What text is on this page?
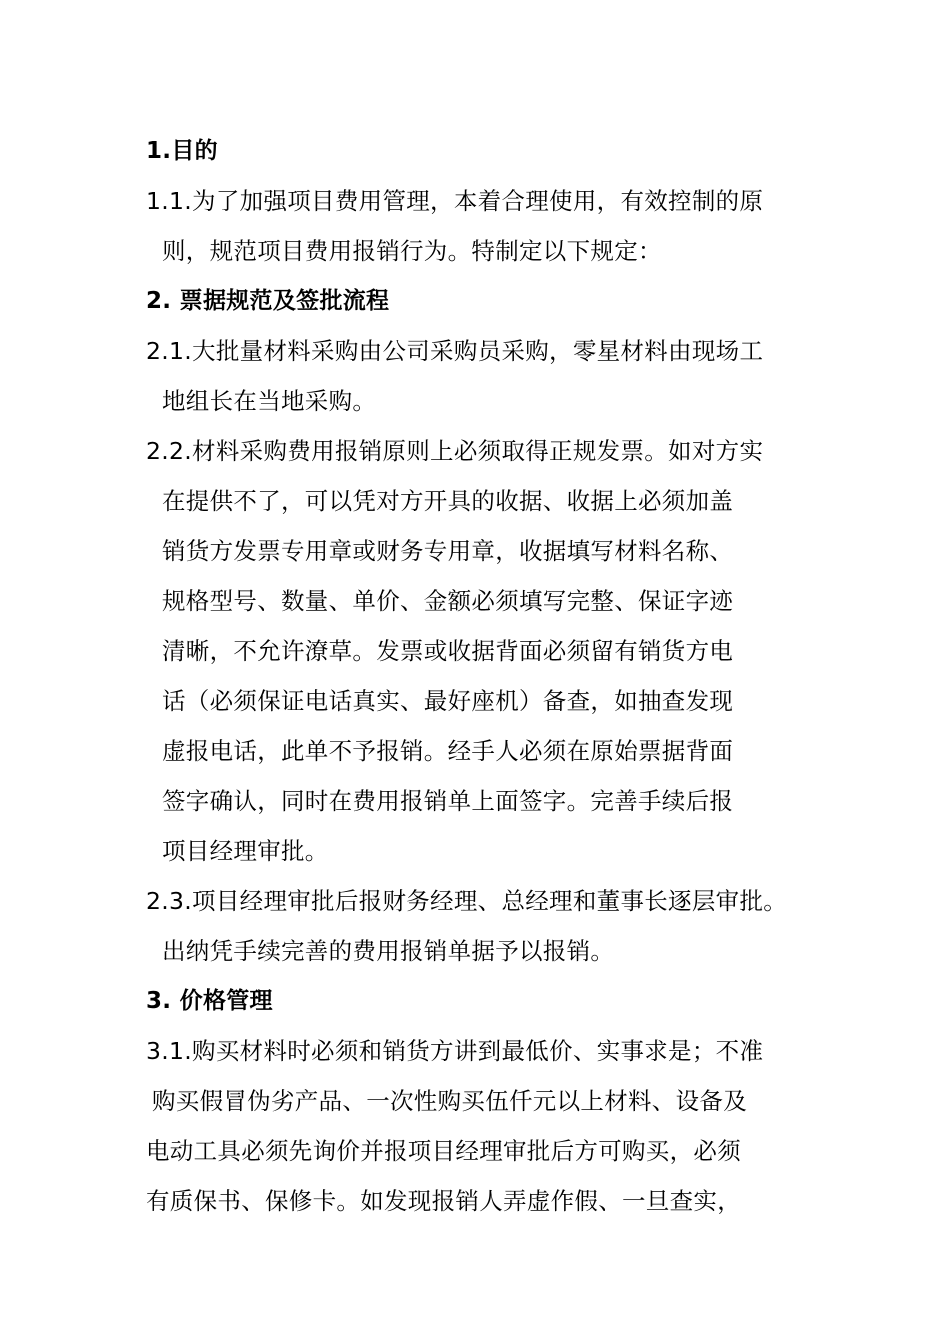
1.目的
1.1.为了加强项目费用管理，本着合理使用，有效控制的原
则，规范项目费用报销行为。特制定以下规定：
2. 票据规范及签批流程
2.1.大批量材料采购由公司采购员采购，零星材料由现场工
地组长在当地采购。
2.2.材料采购费用报销原则上必须取得正规发票。如对方实
在提供不了，可以凭对方开具的收据、收据上必须加盖
销货方发票专用章或财务专用章，收据填写材料名称、
规格型号、数量、单价、金额必须填写完整、保证字迹
清晰，不允许潦草。发票或收据背面必须留有销货方电
话（必须保证电话真实、最好座机）备查，如抽查发现
虚报电话，此单不予报销。经手人必须在原始票据背面
签字确认，同时在费用报销单上面签字。完善手续后报
项目经理审批。
2.3.项目经理审批后报财务经理、总经理和董事长逐层审批。
出纳凭手续完善的费用报销单据予以报销。
3. 价格管理
3.1.购买材料时必须和销货方讲到最低价、实事求是；不准
购买假冒伪劣产品、一次性购买伍仟元以上材料、设备及
电动工具必须先询价并报项目经理审批后方可购买，必须
有质保书、保修卡。如发现报销人弄虚作假、一旦查实，
